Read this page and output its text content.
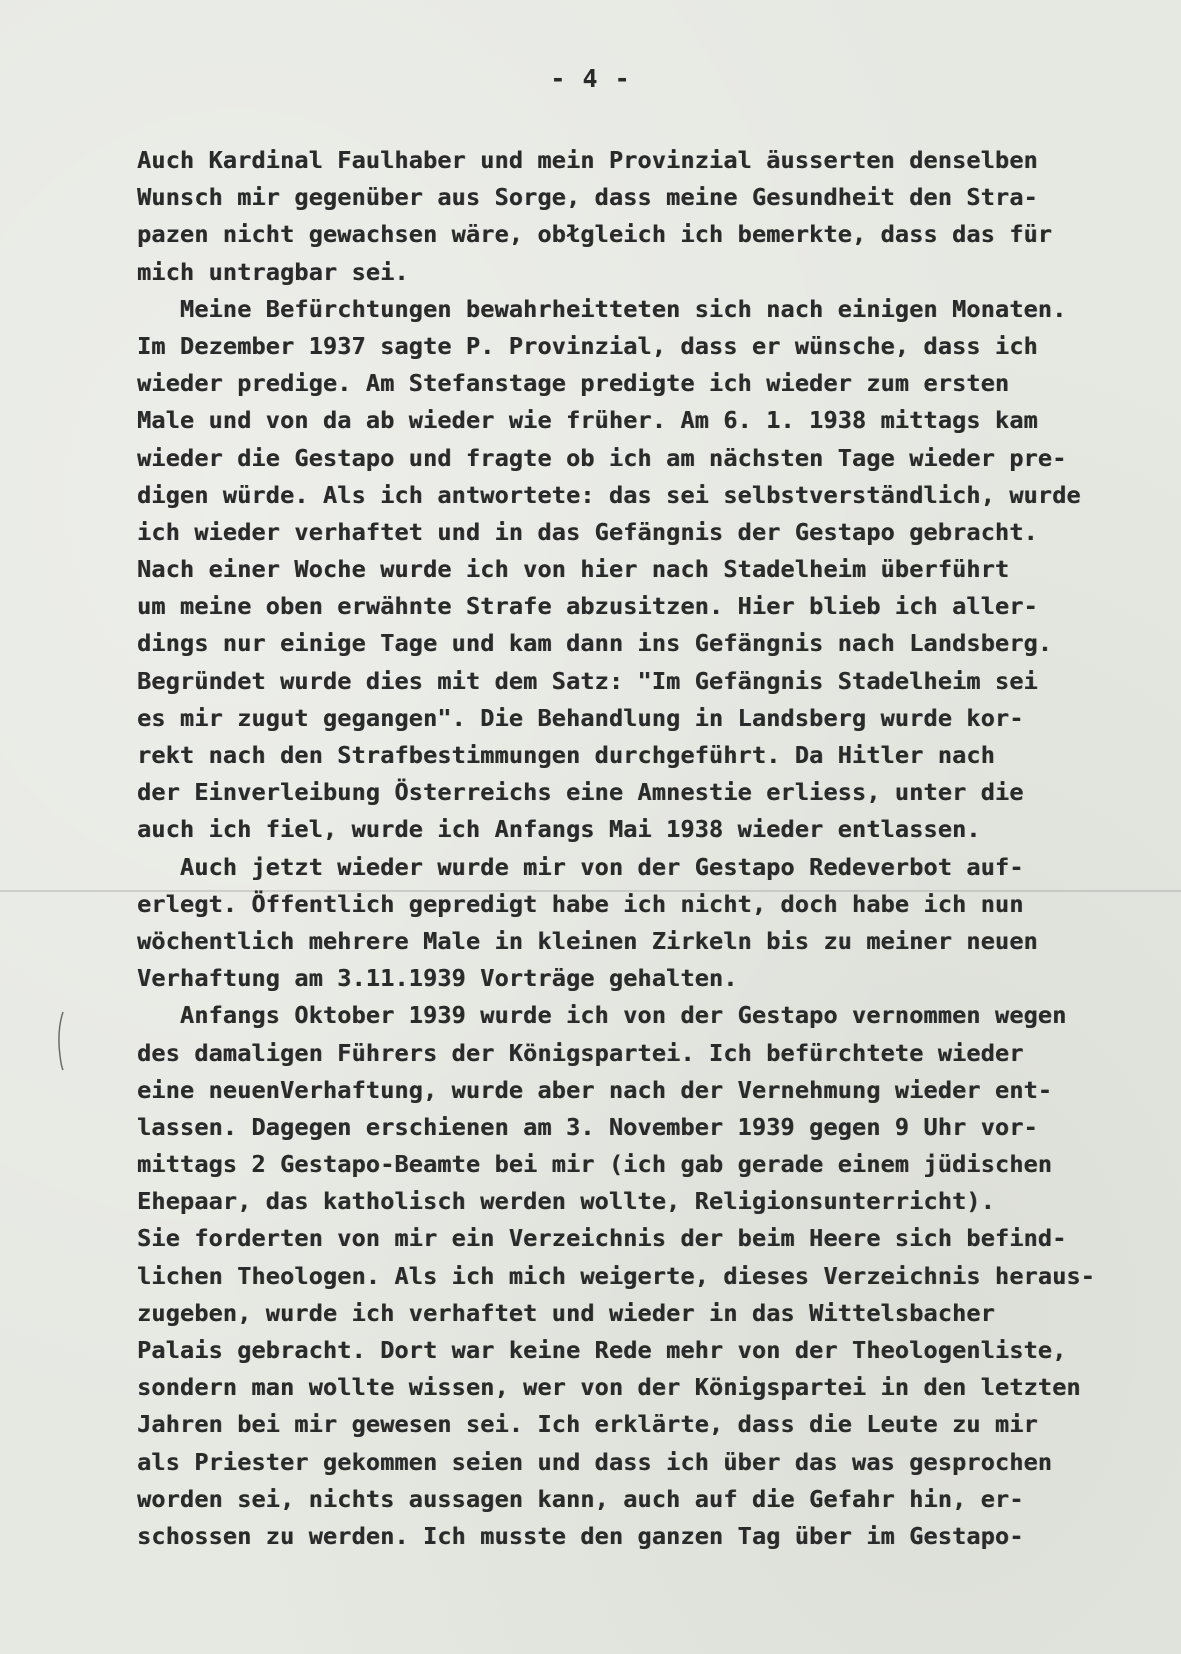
- 4 -
Auch Kardinal Faulhaber und mein Provinzial äusserten denselben
Wunsch mir gegenüber aus Sorge, dass meine Gesundheit den Stra-
pazen nicht gewachsen wäre, obłgleich ich bemerkte, dass das für
mich untragbar sei.
Meine Befürchtungen bewahrheitteten sich nach einigen Monaten.
Im Dezember 1937 sagte P. Provinzial, dass er wünsche, dass ich
wieder predige. Am Stefanstage predigte ich wieder zum ersten
Male und von da ab wieder wie früher. Am 6. 1. 1938 mittags kam
wieder die Gestapo und fragte ob ich am nächsten Tage wieder pre-
digen würde. Als ich antwortete: das sei selbstverständlich, wurde
ich wieder verhaftet und in das Gefängnis der Gestapo gebracht.
Nach einer Woche wurde ich von hier nach Stadelheim überführt
um meine oben erwähnte Strafe abzusitzen. Hier blieb ich aller-
dings nur einige Tage und kam dann ins Gefängnis nach Landsberg.
Begründet wurde dies mit dem Satz: "Im Gefängnis Stadelheim sei
es mir zugut gegangen". Die Behandlung in Landsberg wurde kor-
rekt nach den Strafbestimmungen durchgeführt. Da Hitler nach
der Einverleibung Österreichs eine Amnestie erliess, unter die
auch ich fiel, wurde ich Anfangs Mai 1938 wieder entlassen.
Auch jetzt wieder wurde mir von der Gestapo Redeverbot auf-
erlegt. Öffentlich gepredigt habe ich nicht, doch habe ich nun
wöchentlich mehrere Male in kleinen Zirkeln bis zu meiner neuen
Verhaftung am 3.11.1939 Vorträge gehalten.
Anfangs Oktober 1939 wurde ich von der Gestapo vernommen wegen
des damaligen Führers der Königspartei. Ich befürchtete wieder
eine neuenVerhaftung, wurde aber nach der Vernehmung wieder ent-
lassen. Dagegen erschienen am 3. November 1939 gegen 9 Uhr vor-
mittags 2 Gestapo-Beamte bei mir (ich gab gerade einem jüdischen
Ehepaar, das katholisch werden wollte, Religionsunterricht).
Sie forderten von mir ein Verzeichnis der beim Heere sich befind-
lichen Theologen. Als ich mich weigerte, dieses Verzeichnis heraus-
zugeben, wurde ich verhaftet und wieder in das Wittelsbacher
Palais gebracht. Dort war keine Rede mehr von der Theologenliste,
sondern man wollte wissen, wer von der Königspartei in den letzten
Jahren bei mir gewesen sei. Ich erklärte, dass die Leute zu mir
als Priester gekommen seien und dass ich über das was gesprochen
worden sei, nichts aussagen kann, auch auf die Gefahr hin, er-
schossen zu werden. Ich musste den ganzen Tag über im Gestapo-
